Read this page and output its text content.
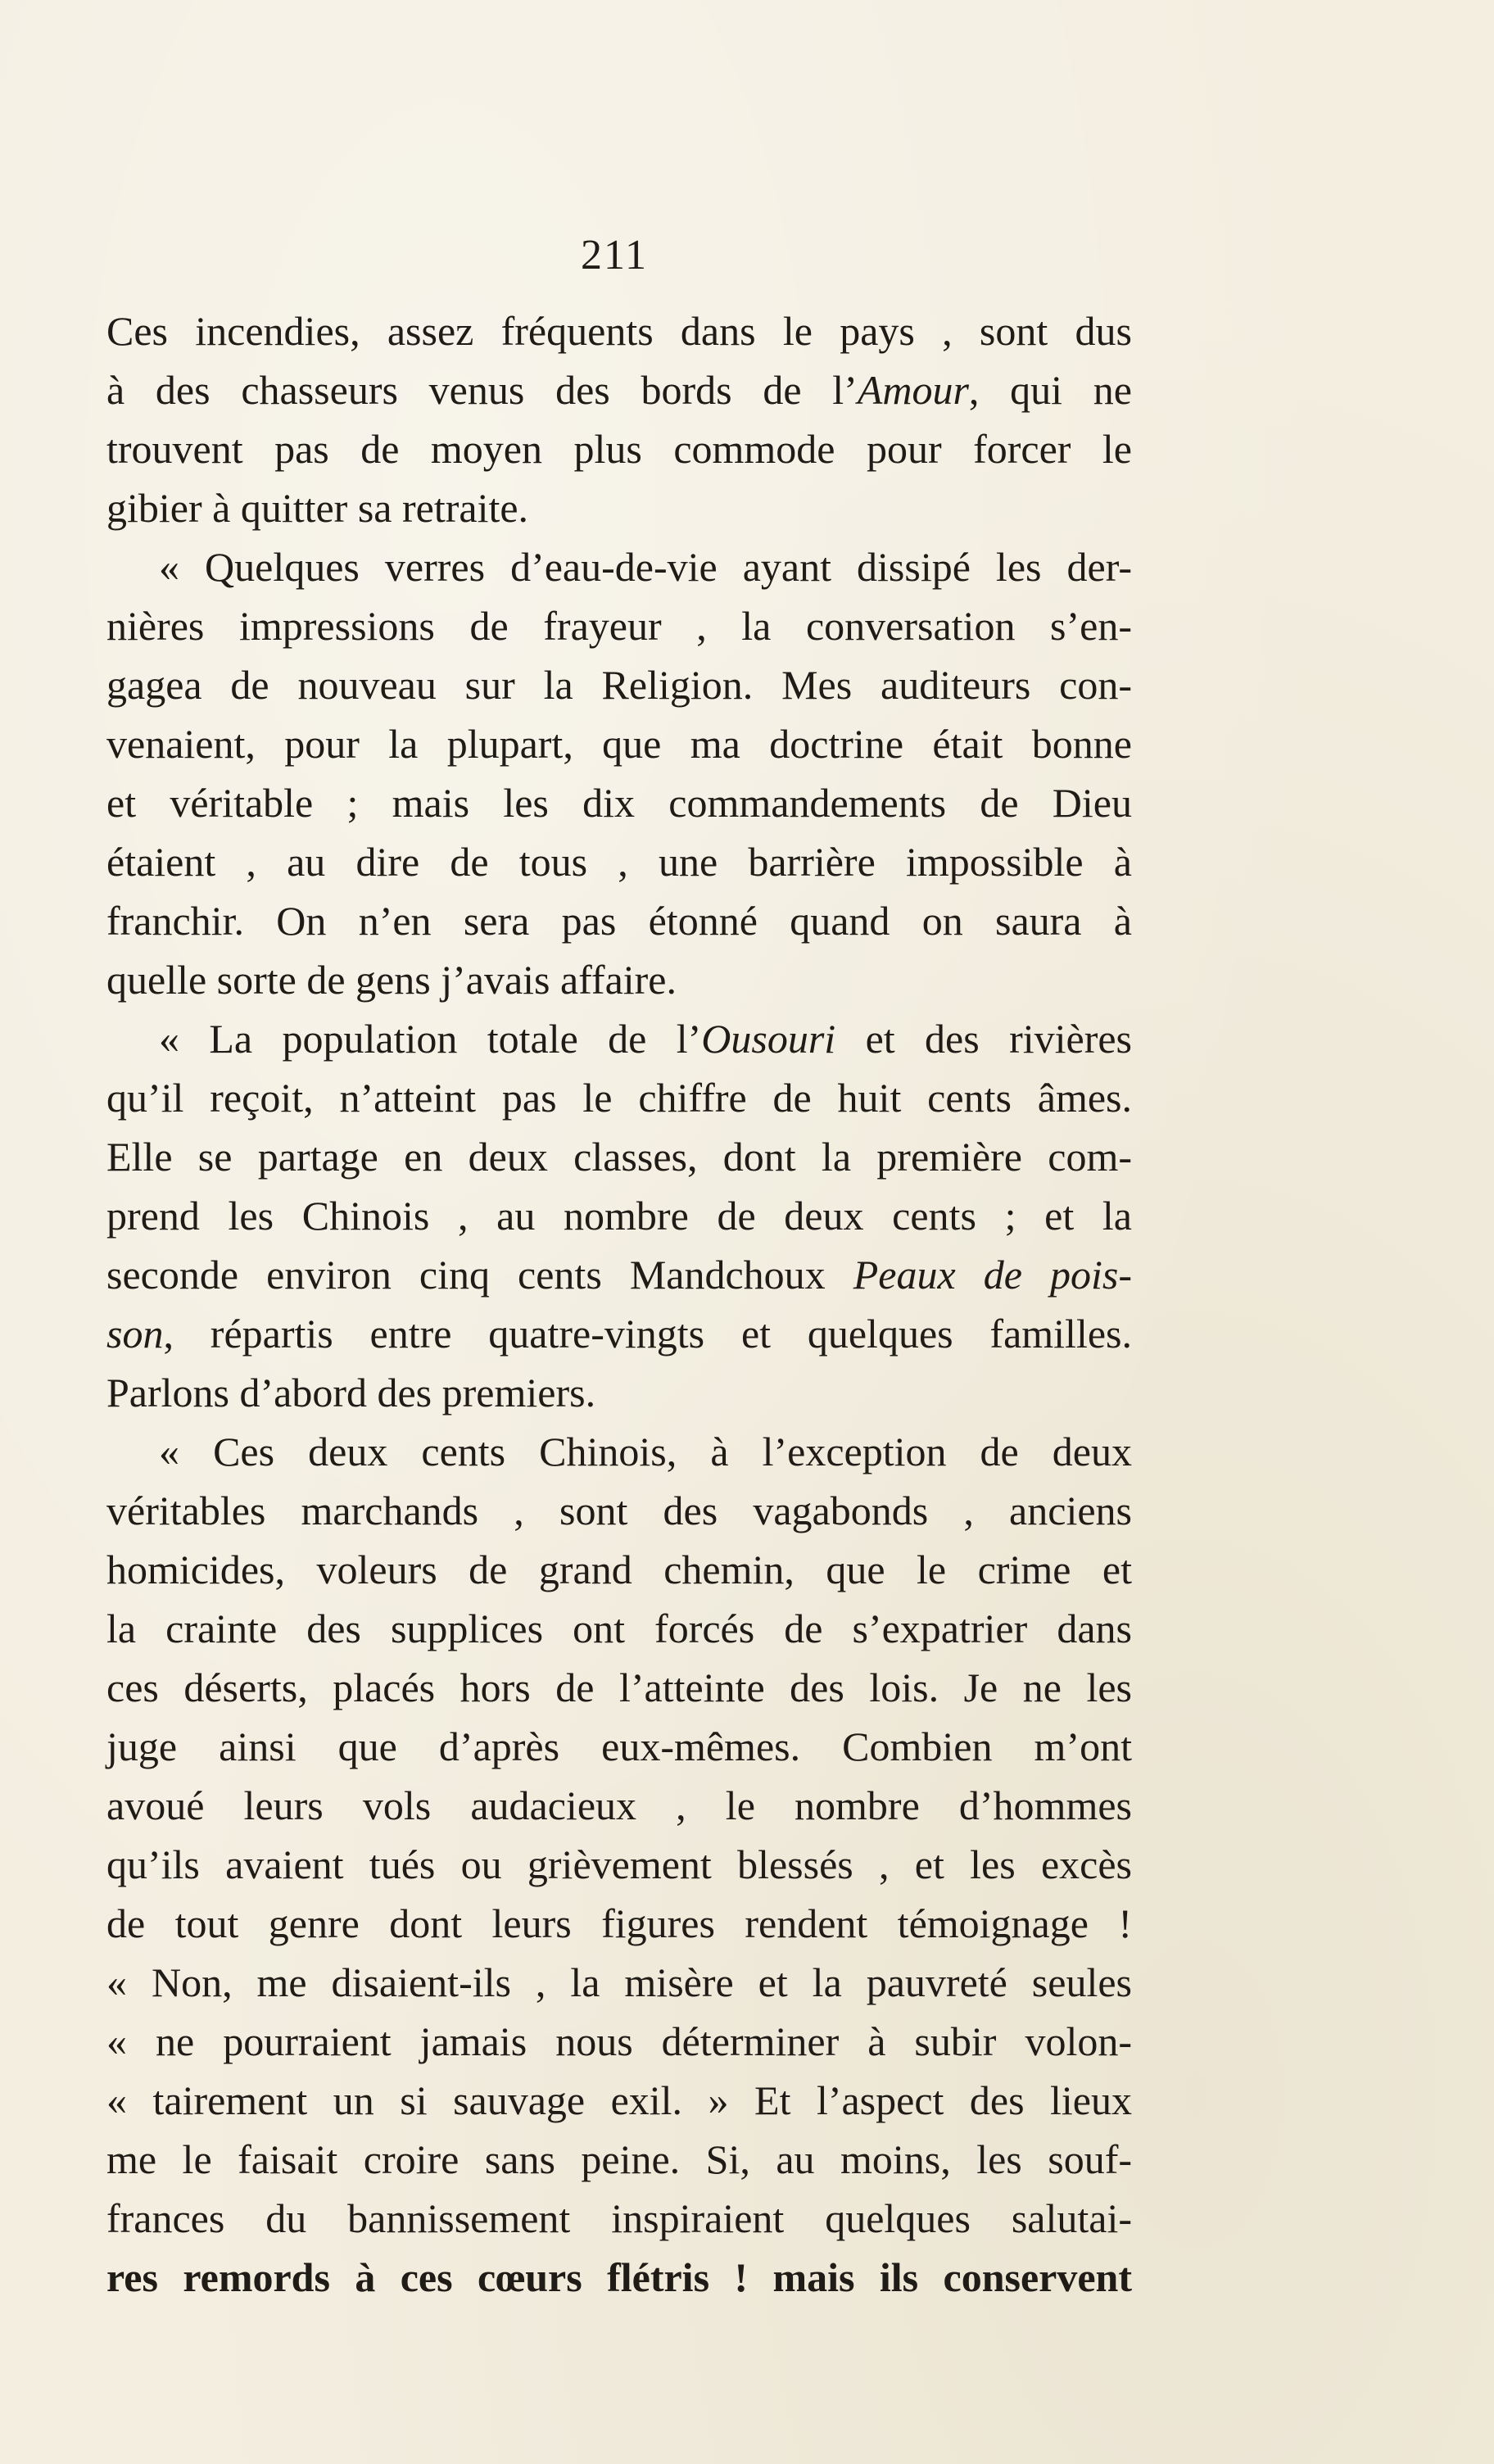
211
Ces incendies, assez fréquents dans le pays , sont dus
à des chasseurs venus des bords de l’Amour, qui ne
trouvent pas de moyen plus commode pour forcer le
gibier à quitter sa retraite.
« Quelques verres d’eau-de-vie ayant dissipé les der-
nières impressions de frayeur , la conversation s’en-
gagea de nouveau sur la Religion. Mes auditeurs con-
venaient, pour la plupart, que ma doctrine était bonne
et véritable ; mais les dix commandements de Dieu
étaient , au dire de tous , une barrière impossible à
franchir. On n’en sera pas étonné quand on saura à
quelle sorte de gens j’avais affaire.
« La population totale de l’Ousouri et des rivières
qu’il reçoit, n’atteint pas le chiffre de huit cents âmes.
Elle se partage en deux classes, dont la première com-
prend les Chinois , au nombre de deux cents ; et la
seconde environ cinq cents Mandchoux Peaux de pois-
son, répartis entre quatre-vingts et quelques familles.
Parlons d’abord des premiers.
« Ces deux cents Chinois, à l’exception de deux
véritables marchands , sont des vagabonds , anciens
homicides, voleurs de grand chemin, que le crime et
la crainte des supplices ont forcés de s’expatrier dans
ces déserts, placés hors de l’atteinte des lois. Je ne les
juge ainsi que d’après eux-mêmes. Combien m’ont
avoué leurs vols audacieux , le nombre d’hommes
qu’ils avaient tués ou grièvement blessés , et les excès
de tout genre dont leurs figures rendent témoignage !
« Non, me disaient-ils , la misère et la pauvreté seules
« ne pourraient jamais nous déterminer à subir volon-
« tairement un si sauvage exil. » Et l’aspect des lieux
me le faisait croire sans peine. Si, au moins, les souf-
frances du bannissement inspiraient quelques salutai-
res remords à ces cœurs flétris ! mais ils conservent
